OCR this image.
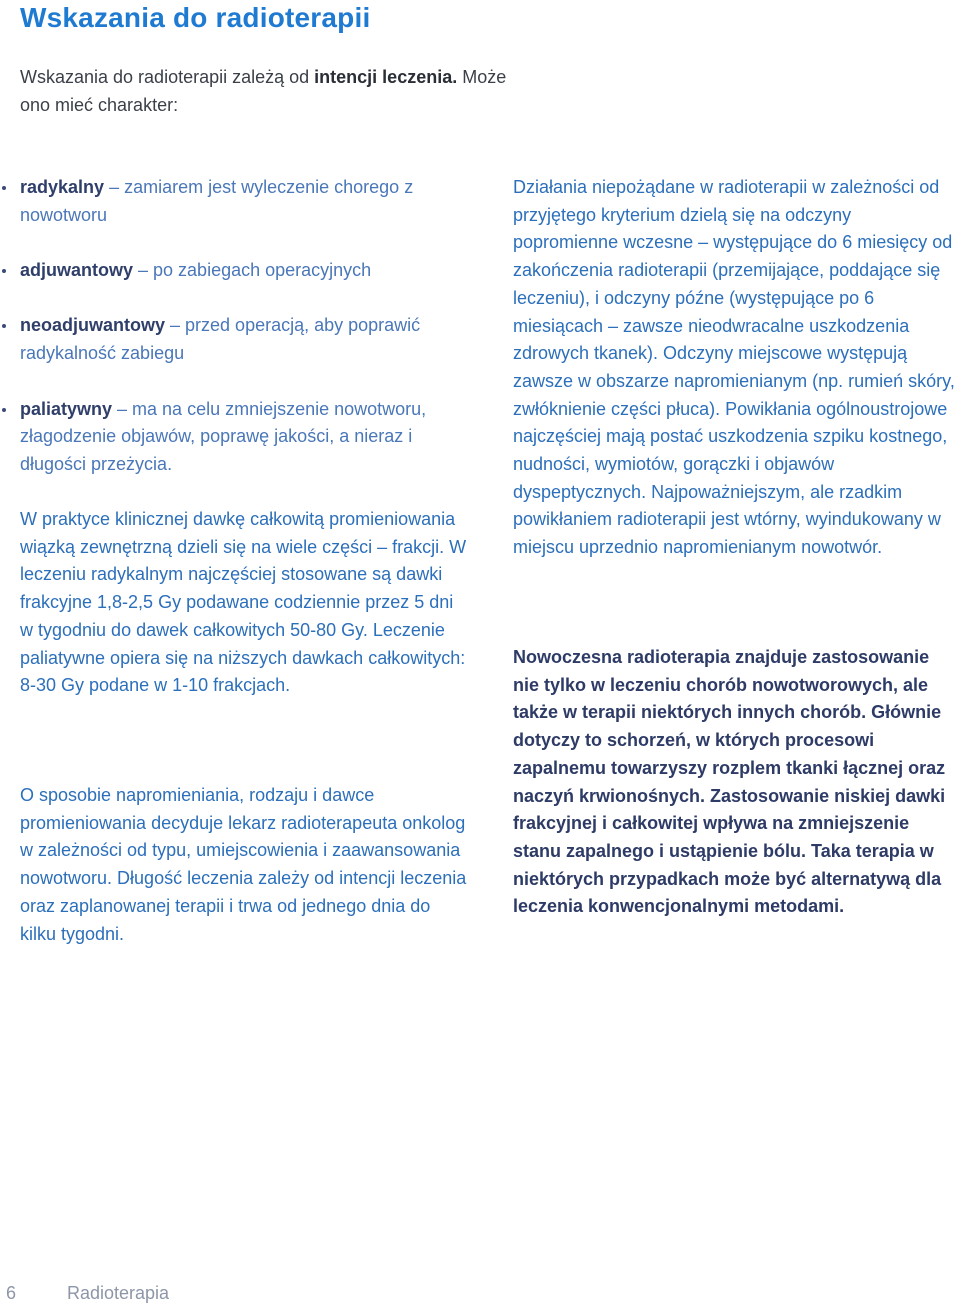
Wskazania do radioterapii

Wskazania do radioterapii zależą od intencji leczenia. Może ono mieć charakter:

radykalny – zamiarem jest wyleczenie chorego z nowotworu
adjuwantowy – po zabiegach operacyjnych
neoadjuwantowy – przed operacją, aby poprawić radykalność zabiegu
paliatywny – ma na celu zmniejszenie nowotworu, złagodzenie objawów, poprawę jakości, a nieraz i długości przeżycia.

W praktyce klinicznej dawkę całkowitą promieniowania wiązką zewnętrzną dzieli się na wiele części – frakcji. W leczeniu radykalnym najczęściej stosowane są dawki frakcyjne 1,8-2,5 Gy podawane codziennie przez 5 dni w tygodniu do dawek całkowitych 50-80 Gy. Leczenie paliatywne opiera się na niższych dawkach całkowitych: 8-30 Gy podane w 1-10 frakcjach.

O sposobie napromieniania, rodzaju i dawce promieniowania decyduje lekarz radioterapeuta onkolog w zależności od typu, umiejscowienia i zaawansowania nowotworu. Długość leczenia zależy od intencji leczenia oraz zaplanowanej terapii i trwa od jednego dnia do kilku tygodni.

Działania niepożądane w radioterapii w zależności od przyjętego kryterium dzielą się na odczyny popromienne wczesne – występujące do 6 miesięcy od zakończenia radioterapii (przemijające, poddające się leczeniu), i odczyny późne (występujące po 6 miesiącach – zawsze nieodwracalne uszkodzenia zdrowych tkanek). Odczyny miejscowe występują zawsze w obszarze napromienianym (np. rumień skóry, zwłóknienie części płuca). Powikłania ogólnoustrojowe najczęściej mają postać uszkodzenia szpiku kostnego, nudności, wymiotów, gorączki i objawów dyspeptycznych. Najpoważniejszym, ale rzadkim powikłaniem radioterapii jest wtórny, wyindukowany w miejscu uprzednio napromienianym nowotwór.

Nowoczesna radioterapia znajduje zastosowanie nie tylko w leczeniu chorób nowotworowych, ale także w terapii niektórych innych chorób. Głównie dotyczy to schorzeń, w których procesowi zapalnemu towarzyszy rozplem tkanki łącznej oraz naczyń krwionośnych. Zastosowanie niskiej dawki frakcyjnej i całkowitej wpływa na zmniejszenie stanu zapalnego i ustąpienie bólu. Taka terapia w niektórych przypadkach może być alternatywą dla leczenia konwencjonalnymi metodami.

6	Radioterapia
